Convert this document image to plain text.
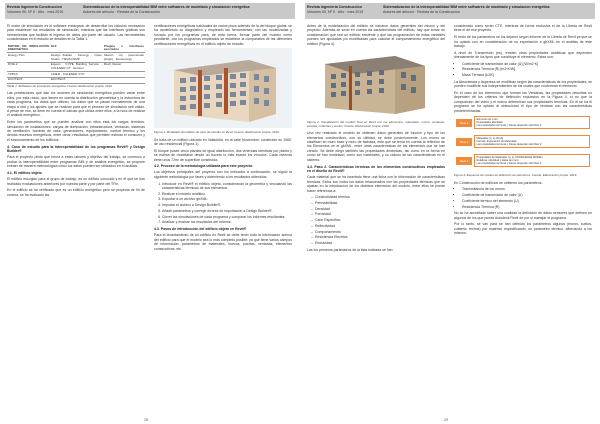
Revista Ingenieria Construccion
Volumen 00, Nº 0 · Año · mes 2019
Sistematizacion de la interoperabilidad BIM entre softwares de modelado y simulacion energetica
Autores del artículo · Revista de la Construcción

El motor de simulación es el software encargado de desarrollar los cálculos necesarios para establecer los resultados de simulación, mientras que las interfaces gráficas son herramientas que facilitan el ingreso de datos por parte del usuario. Las herramientas consideradas en el estudio se detallan en la Tabla 1.

MOTOR DE SIMULACIÓN ENERGÉTICA	GUI	Plugins o interfaces asociados
Energy Plus	Design Builder · Simergy · Open Studio · HEVACOMP	Sketch Up (openstudio plugin) · Euroenergy
DOE-2	Equest · CYPE Building Service · CALENER GT · Ecotect	Revit Viewer
TZPAS	LIDER · CALENER VYP	
ECOTECT	ECOTECT	
Tabla 1. Softwares de simulación energética. Fuente: Elaboración propia, 2019.

Las prestaciones que dan los motores de simulación energética pueden variar entre ellos, por esta razón, que tienen en cuenta la distribución geométrica y la estructura de cada programa, los datos que utilizan, los datos que se pasan normalmente de una etapa a otra y los ajustes que se realizan para que el proceso de simulación sea válido. A pesar de eso, se tiene en cuenta el cálculo que utiliza entre ellos, a la hora de realizar el análisis energético.

Entre los parámetros que se pueden analizar con ellos está los cargos térmicos, simulación de instalaciones, cargas de iluminación, infraestructura, ventanas, sistemas de ventilación, bombas de calor, generadores, equipamiento, confort térmico y los demás recursos energéticos, entre otros; resultados que permiten estimar el consumo y el funcionamiento de los edificios.

4. Caso de estudio para la interoperabilidad de los programas Revit® y Design Builder®

Para el proyecto piloto que forma a estas labores y objetivo del trabajo, se comenzó a probar la interoperabilidad entre programas BIM y de análisis energético, se propone extraer de manera metodológica cómo los datos pueden ser utilizados en el análisis.

4.1. El edificio objeto

El edificio escogido para el grupo de trabajo, es un edificio conocido y en él que se han realizado evaluaciones anteriores por nuestra parte y por parte del TFin.

En el edificio se ha verificado que es un edificio energético pero se proyecta de fin de carrera, se ha evaluado las

certificaciones energéticas habituales de varios pisos además de la del bloque global, se ha modelizado su diagnóstico y empleado las herramientas, con las modelizadas y forzado por los programas para, de esta forma, formar parte del modelo como pendiente, con los programas empleados se establece la comparativa de las diferentes certificaciones energéticas en el edificio objeto de estudio.

Figura 1. Modelado del edificio de caso de estudio en Revit. Fuente: Elaboración propia, 2019.

Se trata de un edificio ubicado en Valladolid, en la calle Noviembre, construido en 1960, de uso residencial (Figura 1).

El bloque posee cinco plantas de igual distribución, dos viviendas idénticas por planta y se estima de modelarse desde un boceto lo más exacto los vínculos. Cada vivienda tiene unos 72m² de superficie construida.

4.2. Proceso de la metodología utilizada para este proyecto

Los objetivos principales del proyecto son los indicados a continuación, se siguió la siguiente metodología por fases y obteniendo a los resultados obtenidos:

1. Introducir en Revit® el edificio objeto, considerando la geometría y vinculando las características térmicas de sus elementos.
2. Realizar el modelo analítico.
3. Exportar a un archivo gbXML.
4. Importar el archivo a Design Builder®.
5. Añadir parámetros y corregir errores de importación a Design Builder®.
6. Correr las simulaciones de cada programa y comparar los informes resultantes.
7. Analizar y evaluar los resultados del informe.
4.3. Pasos de introducción del edificio objeto en Revit®

Para el levantamiento de un edificio en Revit se debe tener toda la información acerca del edificio para que el modelo sea lo más completo posible, ya que tiene varios campos de información: parámetros de materiales, huecos, puertas, ventanas, elementos constructivos, etc.

28
Revista Ingenieria Construccion
Volumen 00, Nº 0 · Año · mes 2019
Sistematizacion de la interoperabilidad BIM entre softwares de modelado y simulacion energetica
Autores del artículo · Revista de la Construcción

Antes de la modelización del edificio se tomaron datos generales del mismo y del proyecto. Además se tomó en cuenta las características del edificio, hay que tomar en consideración que sea un edificio existente y que las programación de estas variables pueden ser ajustadas y/o modificadas para calcular el comportamiento energético del edificio (Figura 4).

Figura 2. Visualización del modelo final en Revit con los elementos, materiales, muros, ventanas, puertas, cubiertas y suelos. Fuente: Elaboración propia, 2019.

Una vez realizado el modelo se obtienen datos generales de función y tipo de los elementos constructivos, con su utilidad, se debe posteriormente. Los muros se clasifican en muro base y muro de fachada, esto que se tenía en cuenta la reflexión de los Elementos en el gbXML, entre otras características de los elementos que se han creado. Se debe elegir también las propiedades dinámicas, así como en la forma en cómo se han modelado, como son materiales, y su cálculo de las características en el sistema.

4.4. Paso 2. Características térmicas de los elementos constructivos empleados en el diseño de Revit®

Cada material que se ha insertado tiene una ficha con la información de características térmicas. Estos son todos los datos relacionados con las propiedades térmicas que se ajustan en la introducción de los distintos elementos del modelo, entre ellos se puede hacer referencia a:

– Conductividad térmica
– Permeabilidad
– Densidad
– Porosidad
– Calor Específico
– Reflectividad
– Comportamiento
– Resistencia Eléctrica
– Emisividad

Las los primeros parámetros de la lista indicada se han

considerado como serán CTE, mientras de forma exclusiva el de la Libreta de Revit tiene el de ese proyecto.

El resto de los parámetros se los dejaron según informe de la Libreta de Revit ya que se ha optado con en consideración de su exportación a gbXML en el análisis de este trabajo.

A nivel de Transmisión (es), existen otras propiedades analíticas que dependen directamente de los tipos que constituye el elemento. Estas son:

• Coeficiente de transmisión de calor (U) [W/m2·K]
• Resistencia Térmica (R) [m2·K/W]
• Masa Térmica [kJ/K]

La Absortancia y Aspereza se modifican según las características de los propiedades, se pueden modificar sus independientes de los cuales que conforman el elemento.

En el caso de los elementos que forman las Ventanas, las propiedades descritas no dependen de los criterios de definición expuestos en la Figura 4, si no que la composición del vidrio y el marco determinan sus propiedades térmicas. En el se ha el programa se ha optado al seleccionar el tipo de ventana con las características predeterminadas.

Nivel 1
Elemento de muro
Propiedades Identidad
Las propiedades térmicas y físicas dependen del Nivel 2
Nivel 2
Materiales (p. ej. Revit)
Formas: Exploración de Materiales
Las propiedades térmicas y físicas dependen del Nivel 3
Nivel 3
Propiedades de Materiales (p. ej. KNOWLEDGE MODEL)
Relativas, identidad y datos de muro
Las propiedades térmicas y físicas dependen del Nivel 4
Figura 3. Esquema de niveles de definición de elementos. Fuente: Elaboración propia, 2019.

En Construcción de edificios se obtienen los parámetros:

• Transmitancia de los muros
• Coeficiente de transmisión de calor (U)
• Coeficiente térmico del elemento (U)
• Resistencia Térmica (R)

No se ha acreditado saber una cualidad la definición de datos sensores que definen en algunos de los que pueda Autodesk Revit de por si manejar el programa.

Por lo tanto, se van para se han definido los parámetros algunos (muros, suelos, cubierta, techos) por material, especificando, un parámetro térmico, alternando a los mismos.

29
